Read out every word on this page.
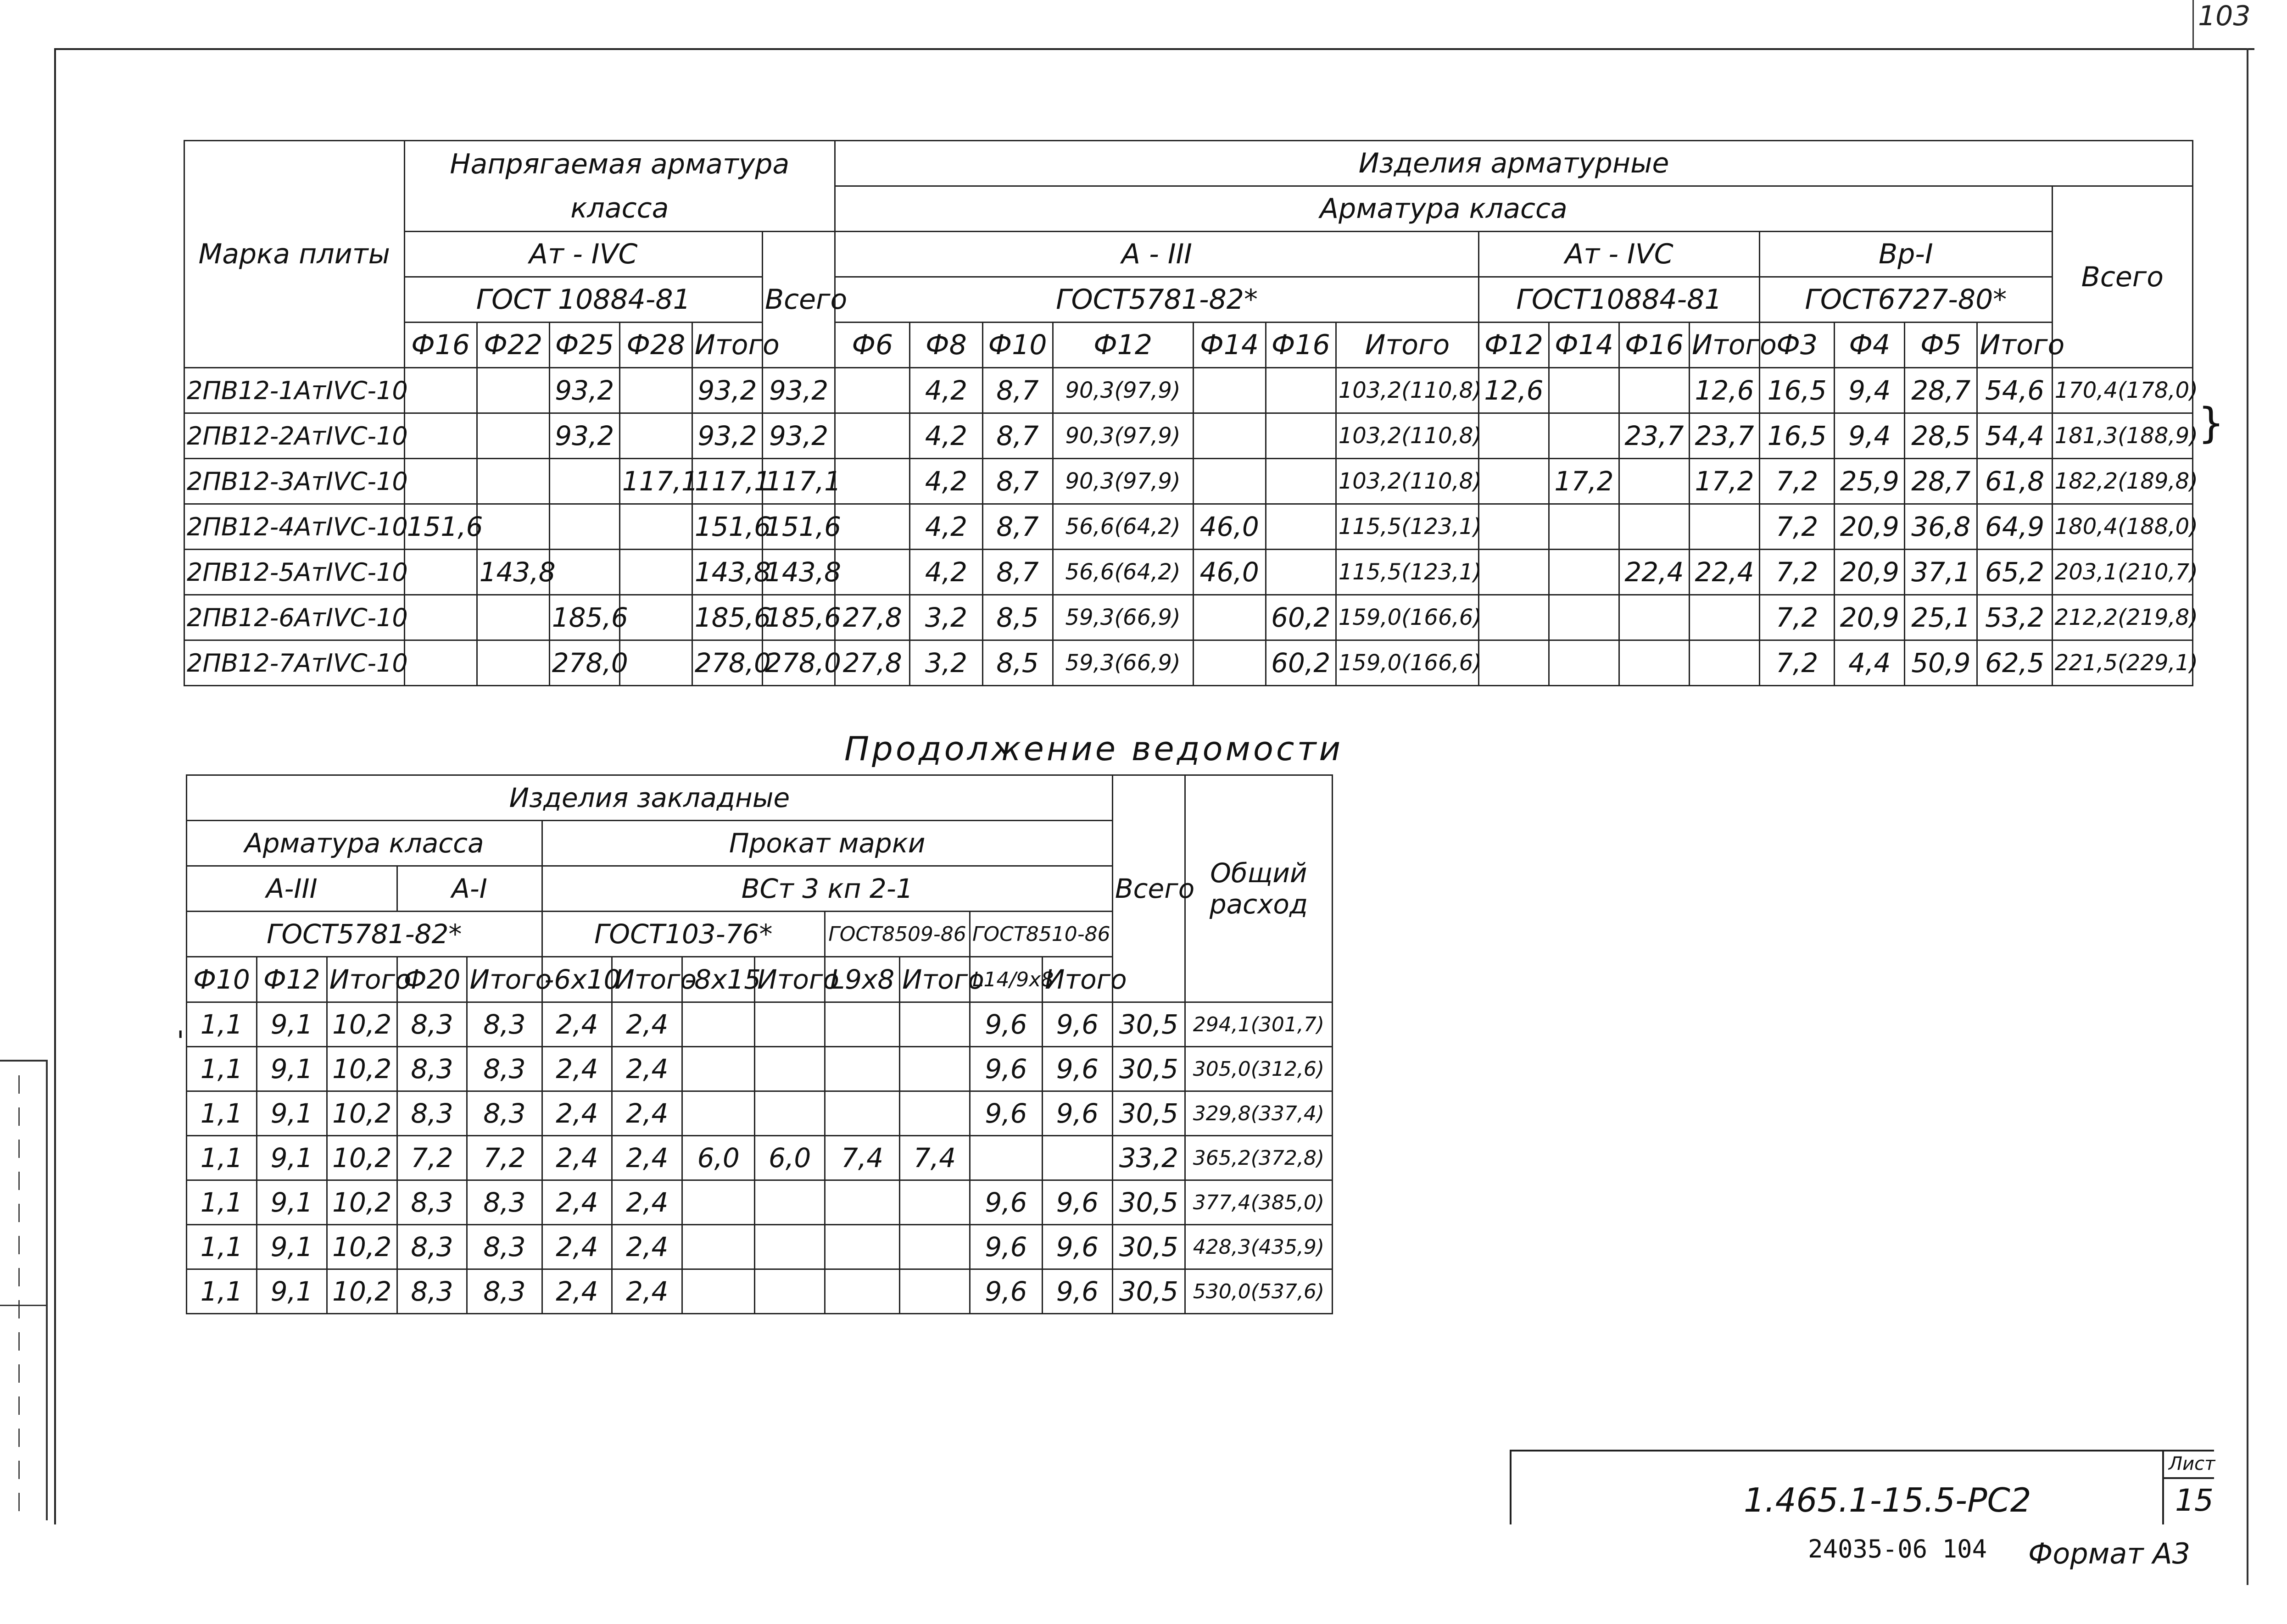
103
}
Марка плиты	Напрягаемая арматура класса						Изделия арматурные															
							Арматура класса															Всего
	Ат - IVC					Всего	А - III							Ат - IVC				Вр-I				
	ГОСТ 10884-81						ГОСТ5781-82*							ГОСТ10884-81				ГОСТ6727-80*				
	Ф16	Ф22	Ф25	Ф28	Итого		Ф6	Ф8	Ф10	Ф12	Ф14	Ф16	Итого	Ф12	Ф14	Ф16	Итого	Ф3	Ф4	Ф5	Итого	
2ПВ12-1АтIVC-10			93,2		93,2	93,2		4,2	8,7	90,3(97,9)			103,2(110,8)	12,6			12,6	16,5	9,4	28,7	54,6	170,4(178,0)
2ПВ12-2АтIVC-10			93,2		93,2	93,2		4,2	8,7	90,3(97,9)			103,2(110,8)			23,7	23,7	16,5	9,4	28,5	54,4	181,3(188,9)
2ПВ12-3АтIVC-10				117,1	117,1	117,1		4,2	8,7	90,3(97,9)			103,2(110,8)		17,2		17,2	7,2	25,9	28,7	61,8	182,2(189,8)
2ПВ12-4АтIVC-10	151,6				151,6	151,6		4,2	8,7	56,6(64,2)	46,0		115,5(123,1)					7,2	20,9	36,8	64,9	180,4(188,0)
2ПВ12-5АтIVC-10		143,8			143,8	143,8		4,2	8,7	56,6(64,2)	46,0		115,5(123,1)			22,4	22,4	7,2	20,9	37,1	65,2	203,1(210,7)
2ПВ12-6АтIVC-10			185,6		185,6	185,6	27,8	3,2	8,5	59,3(66,9)		60,2	159,0(166,6)					7,2	20,9	25,1	53,2	212,2(219,8)
2ПВ12-7АтIVC-10			278,0		278,0	278,0	27,8	3,2	8,5	59,3(66,9)		60,2	159,0(166,6)					7,2	4,4	50,9	62,5	221,5(229,1)
Продолжение ведомости
'
Изделия закладные													Всего	Общий расход
Арматура класса					Прокат марки									
А-III			А-I		ВСт 3 кп 2-1									
ГОСТ5781-82*					ГОСТ103-76*				ГОСТ8509-86		ГОСТ8510-86			
Ф10	Ф12	Итого	Ф20	Итого	-6х10	Итого	-8х15	Итого	L9х8	Итого	L14/9х8	Итого		
1,1	9,1	10,2	8,3	8,3	2,4	2,4					9,6	9,6	30,5	294,1(301,7)
1,1	9,1	10,2	8,3	8,3	2,4	2,4					9,6	9,6	30,5	305,0(312,6)
1,1	9,1	10,2	8,3	8,3	2,4	2,4					9,6	9,6	30,5	329,8(337,4)
1,1	9,1	10,2	7,2	7,2	2,4	2,4	6,0	6,0	7,4	7,4			33,2	365,2(372,8)
1,1	9,1	10,2	8,3	8,3	2,4	2,4					9,6	9,6	30,5	377,4(385,0)
1,1	9,1	10,2	8,3	8,3	2,4	2,4					9,6	9,6	30,5	428,3(435,9)
1,1	9,1	10,2	8,3	8,3	2,4	2,4					9,6	9,6	30,5	530,0(537,6)
1.465.1-15.5-РС2
Лист
15
24035-06 104 Формат А3
